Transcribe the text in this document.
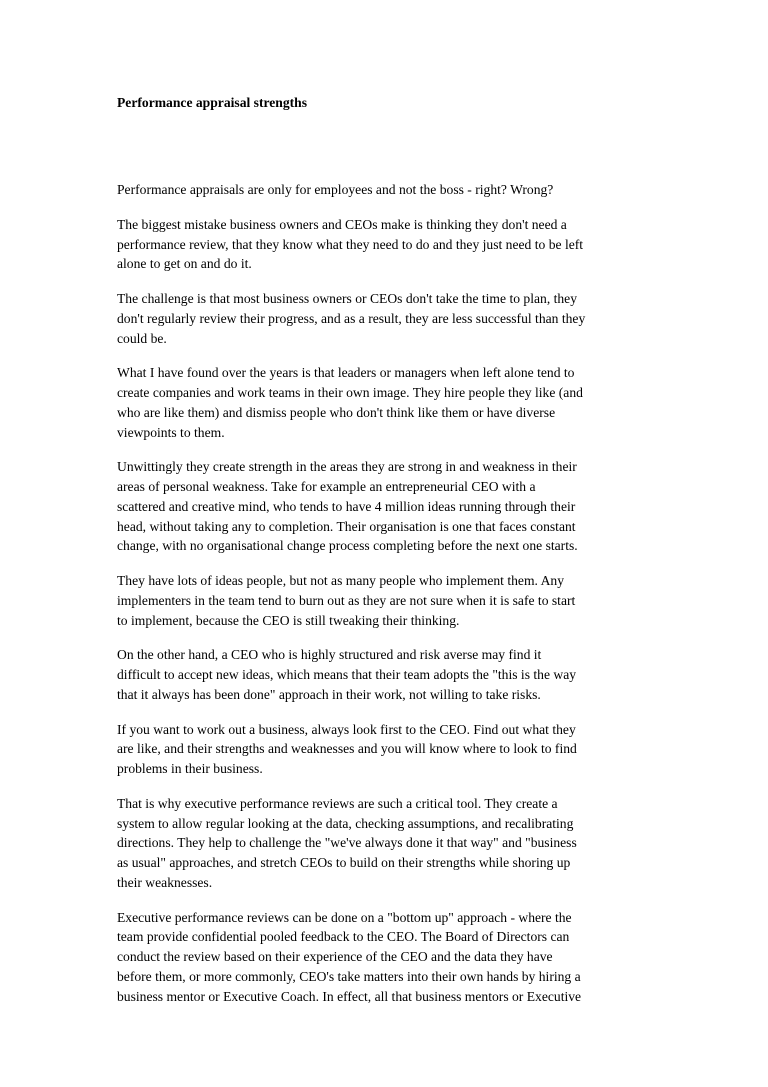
Performance appraisal strengths

Performance appraisals are only for employees and not the boss - right? Wrong?

The biggest mistake business owners and CEOs make is thinking they don't need a
performance review, that they know what they need to do and they just need to be left
alone to get on and do it.

The challenge is that most business owners or CEOs don't take the time to plan, they
don't regularly review their progress, and as a result, they are less successful than they
could be.

What I have found over the years is that leaders or managers when left alone tend to
create companies and work teams in their own image. They hire people they like (and
who are like them) and dismiss people who don't think like them or have diverse
viewpoints to them.

Unwittingly they create strength in the areas they are strong in and weakness in their
areas of personal weakness. Take for example an entrepreneurial CEO with a
scattered and creative mind, who tends to have 4 million ideas running through their
head, without taking any to completion. Their organisation is one that faces constant
change, with no organisational change process completing before the next one starts.

They have lots of ideas people, but not as many people who implement them. Any
implementers in the team tend to burn out as they are not sure when it is safe to start
to implement, because the CEO is still tweaking their thinking.

On the other hand, a CEO who is highly structured and risk averse may find it
difficult to accept new ideas, which means that their team adopts the "this is the way
that it always has been done" approach in their work, not willing to take risks.

If you want to work out a business, always look first to the CEO. Find out what they
are like, and their strengths and weaknesses and you will know where to look to find
problems in their business.

That is why executive performance reviews are such a critical tool. They create a
system to allow regular looking at the data, checking assumptions, and recalibrating
directions. They help to challenge the "we've always done it that way" and "business
as usual" approaches, and stretch CEOs to build on their strengths while shoring up
their weaknesses.

Executive performance reviews can be done on a "bottom up" approach - where the
team provide confidential pooled feedback to the CEO. The Board of Directors can
conduct the review based on their experience of the CEO and the data they have
before them, or more commonly, CEO's take matters into their own hands by hiring a
business mentor or Executive Coach. In effect, all that business mentors or Executive
